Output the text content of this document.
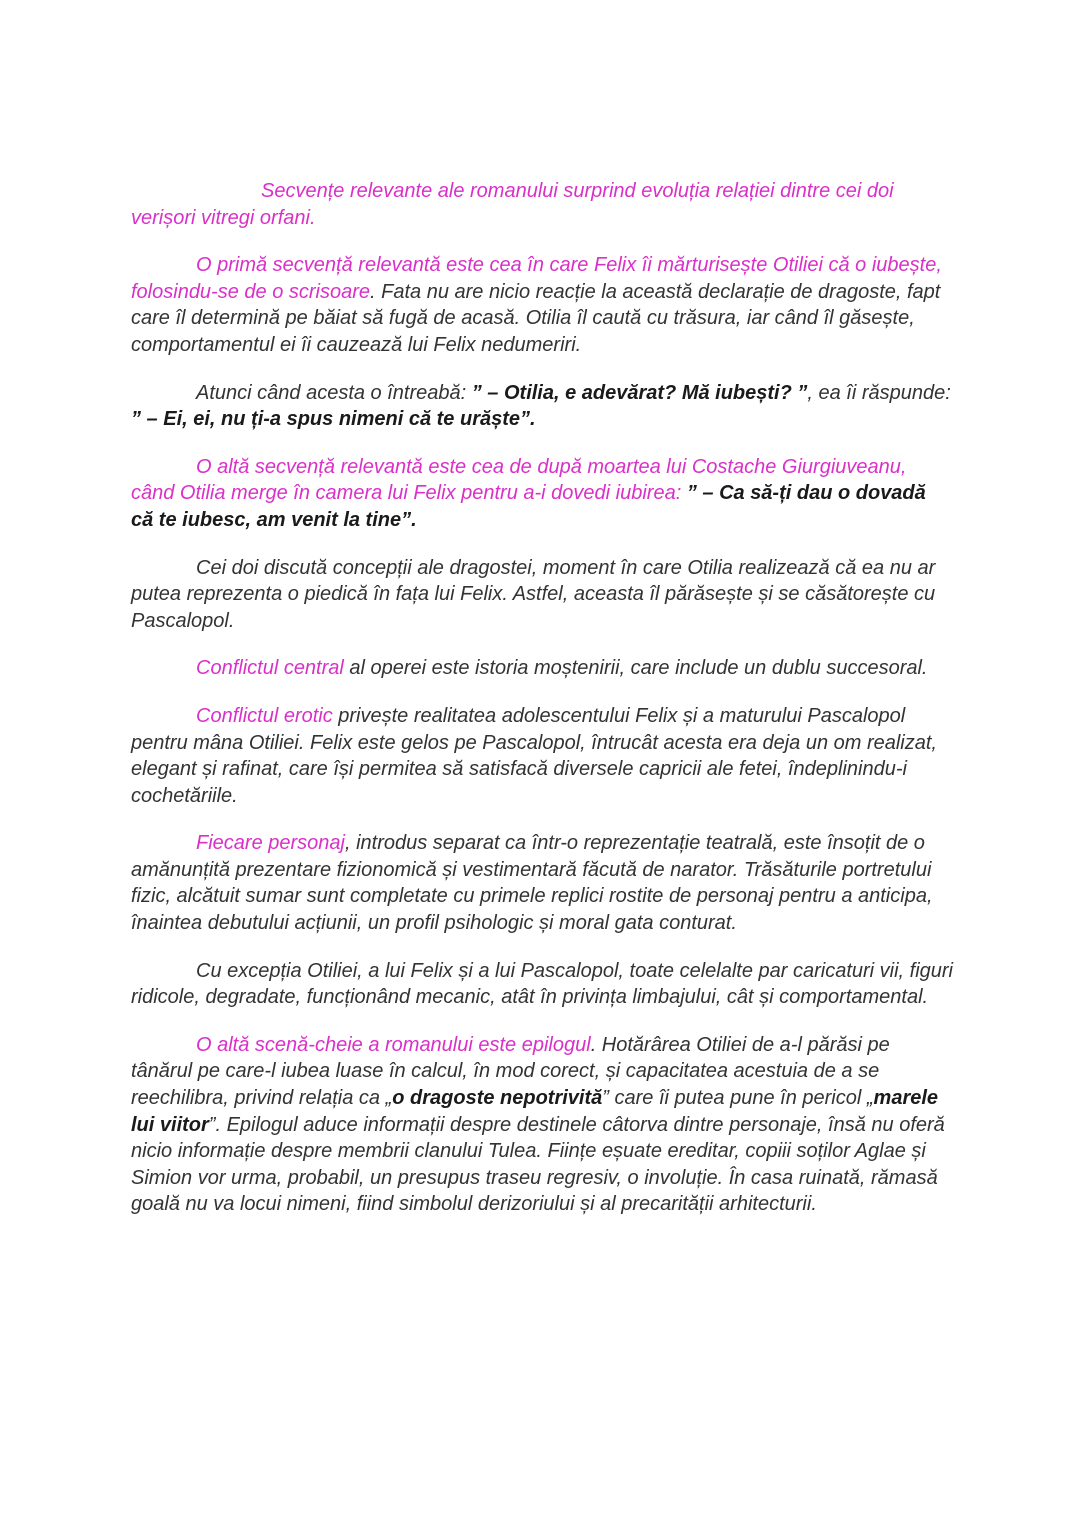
Secvențe relevante ale romanului surprind evoluția relației dintre cei doi verișori vitregi orfani.

O primă secvență relevantă este cea în care Felix îi mărturisește Otiliei că o iubește, folosindu-se de o scrisoare. Fata nu are nicio reacție la această declarație de dragoste, fapt care îl determină pe băiat să fugă de acasă. Otilia îl caută cu trăsura, iar când îl găsește, comportamentul ei îi cauzează lui Felix nedumeriri.

Atunci când acesta o întreabă: ” – Otilia, e adevărat? Mă iubești? ”, ea îi răspunde: ” – Ei, ei, nu ți-a spus nimeni că te urăște”.

O altă secvență relevantă este cea de după moartea lui Costache Giurgiuveanu, când Otilia merge în camera lui Felix pentru a-i dovedi iubirea: ” – Ca să-ți dau o dovadă că te iubesc, am venit la tine”.

Cei doi discută concepții ale dragostei, moment în care Otilia realizează că ea nu ar putea reprezenta o piedică în fața lui Felix. Astfel, aceasta îl părăsește și se căsătorește cu Pascalopol.

Conflictul central al operei este istoria moștenirii, care include un dublu succesoral.

Conflictul erotic privește realitatea adolescentului Felix și a maturului Pascalopol pentru mâna Otiliei. Felix este gelos pe Pascalopol, întrucât acesta era deja un om realizat, elegant și rafinat, care își permitea să satisfacă diversele capricii ale fetei, îndeplinindu-i cochetăriile.

Fiecare personaj, introdus separat ca într-o reprezentație teatrală, este însoțit de o amănunțită prezentare fizionomică și vestimentară făcută de narator. Trăsăturile portretului fizic, alcătuit sumar sunt completate cu primele replici rostite de personaj pentru a anticipa, înaintea debutului acțiunii, un profil psihologic și moral gata conturat.

Cu excepția Otiliei, a lui Felix și a lui Pascalopol, toate celelalte par caricaturi vii, figuri ridicole, degradate, funcționând mecanic, atât în privința limbajului, cât și comportamental.

O altă scenă-cheie a romanului este epilogul. Hotărârea Otiliei de a-l părăsi pe tânărul pe care-l iubea luase în calcul, în mod corect, și capacitatea acestuia de a se reechilibra, privind relația ca „o dragoste nepotrivită” care îi putea pune în pericol „marele lui viitor”. Epilogul aduce informații despre destinele câtorva dintre personaje, însă nu oferă nicio informație despre membrii clanului Tulea. Ființe eșuate ereditar, copiii soților Aglae și Simion vor urma, probabil, un presupus traseu regresiv, o involuție. În casa ruinată, rămasă goală nu va locui nimeni, fiind simbolul derizoriului și al precarității arhitecturii.
